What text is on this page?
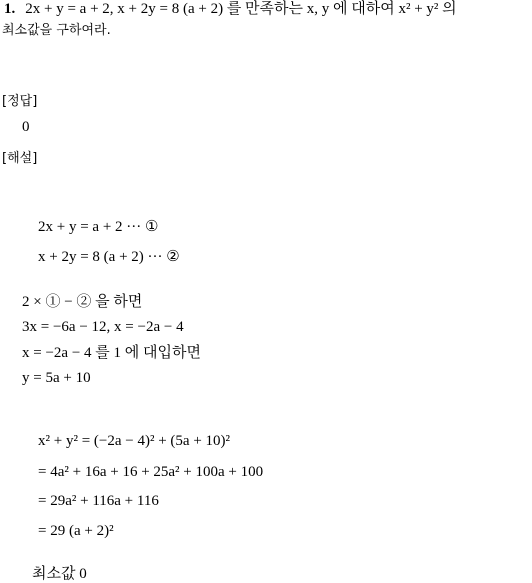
1. 2x + y = a + 2, x + 2y = 8 (a + 2) 를 만족하는 x, y 에 대하여 x² + y² 의
최소값을 구하여라.
[정답]
0
[해설]
2x + y = a + 2 ··· ①
x + 2y = 8 (a + 2) ··· ②
2 × ① − ② 을 하면
3x = −6a − 12, x = −2a − 4
x = −2a − 4 를 1 에 대입하면
y = 5a + 10
x² + y² = (−2a − 4)² + (5a + 10)²
= 4a² + 16a + 16 + 25a² + 100a + 100
= 29a² + 116a + 116
= 29 (a + 2)²
최소값 0
